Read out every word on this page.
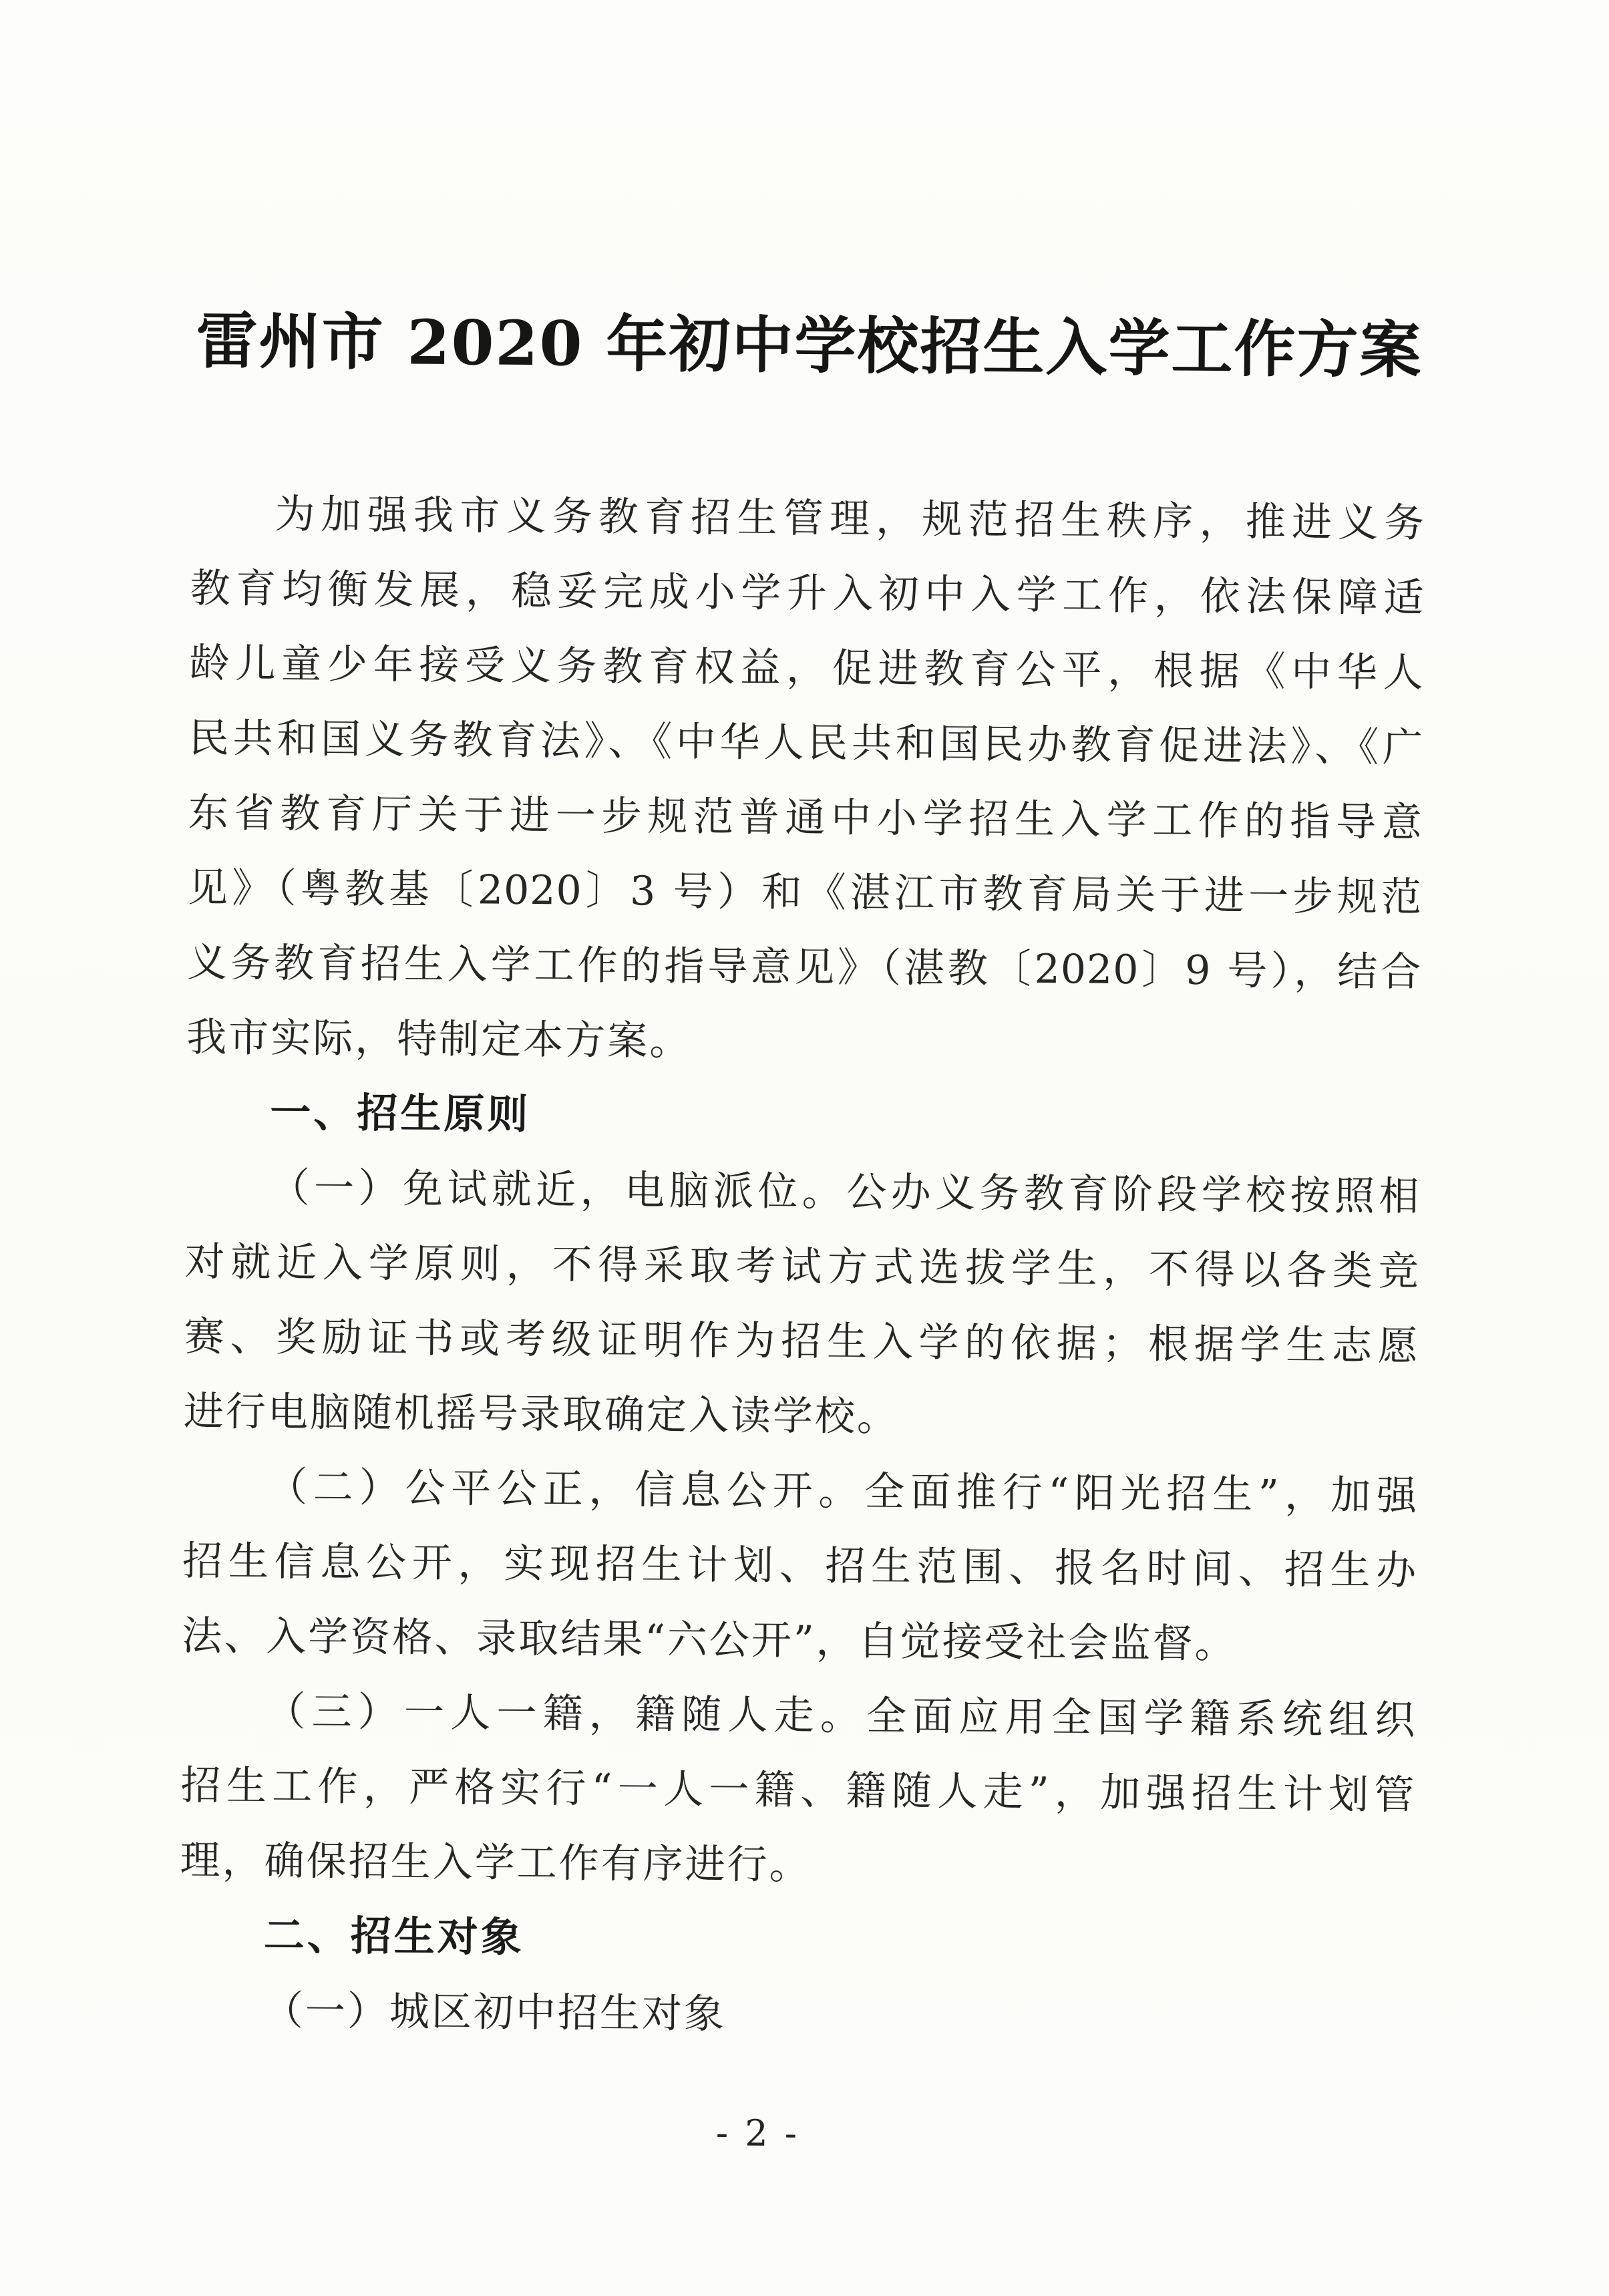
雷州市 2020 年初中学校招生入学工作方案
为加强我市义务教育招生管理，规范招生秩序，推进义务
教育均衡发展，稳妥完成小学升入初中入学工作，依法保障适
龄儿童少年接受义务教育权益，促进教育公平，根据《中华人
民共和国义务教育法》、《中华人民共和国民办教育促进法》、《广
东省教育厅关于进一步规范普通中小学招生入学工作的指导意
见》（粤教基〔2020〕3 号）和《湛江市教育局关于进一步规范
义务教育招生入学工作的指导意见》（湛教〔2020〕9 号），结合
我市实际，特制定本方案。
一、招生原则
（一）免试就近，电脑派位。公办义务教育阶段学校按照相
对就近入学原则，不得采取考试方式选拔学生，不得以各类竞
赛、奖励证书或考级证明作为招生入学的依据；根据学生志愿
进行电脑随机摇号录取确定入读学校。
（二）公平公正，信息公开。全面推行“阳光招生”，加强
招生信息公开，实现招生计划、招生范围、报名时间、招生办
法、入学资格、录取结果“六公开”，自觉接受社会监督。
（三）一人一籍，籍随人走。全面应用全国学籍系统组织
招生工作，严格实行“一人一籍、籍随人走”，加强招生计划管
理，确保招生入学工作有序进行。
二、招生对象
（一）城区初中招生对象
- 2 -
